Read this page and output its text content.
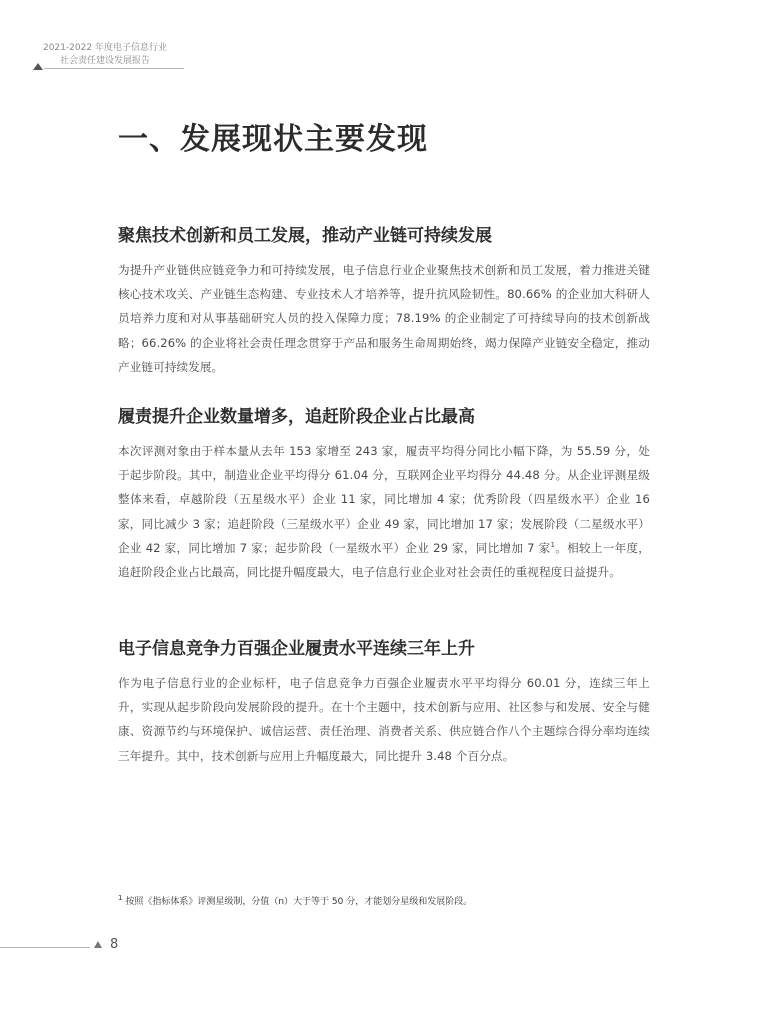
2021-2022 年度电子信息行业
社会责任建设发展报告
一、发展现状主要发现
聚焦技术创新和员工发展，推动产业链可持续发展

为提升产业链供应链竞争力和可持续发展，电子信息行业企业聚焦技术创新和员工发展，着力推进关键核心技术攻关、产业链生态构建、专业技术人才培养等，提升抗风险韧性。80.66% 的企业加大科研人员培养力度和对从事基础研究人员的投入保障力度；78.19% 的企业制定了可持续导向的技术创新战略；66.26% 的企业将社会责任理念贯穿于产品和服务生命周期始终，竭力保障产业链安全稳定，推动产业链可持续发展。

履责提升企业数量增多，追赶阶段企业占比最高

本次评测对象由于样本量从去年 153 家增至 243 家，履责平均得分同比小幅下降，为 55.59 分，处于起步阶段。其中，制造业企业平均得分 61.04 分，互联网企业平均得分 44.48 分。从企业评测星级整体来看，卓越阶段（五星级水平）企业 11 家，同比增加 4 家；优秀阶段（四星级水平）企业 16 家，同比减少 3 家；追赶阶段（三星级水平）企业 49 家，同比增加 17 家；发展阶段（二星级水平）企业 42 家，同比增加 7 家；起步阶段（一星级水平）企业 29 家，同比增加 7 家$^1$。相较上一年度，追赶阶段企业占比最高，同比提升幅度最大，电子信息行业企业对社会责任的重视程度日益提升。

电子信息竞争力百强企业履责水平连续三年上升

作为电子信息行业的企业标杆，电子信息竞争力百强企业履责水平平均得分 60.01 分，连续三年上升，实现从起步阶段向发展阶段的提升。在十个主题中，技术创新与应用、社区参与和发展、安全与健康、资源节约与环境保护、诚信运营、责任治理、消费者关系、供应链合作八个主题综合得分率均连续三年提升。其中，技术创新与应用上升幅度最大，同比提升 3.48 个百分点。

$^1$ 按照《指标体系》评测星级制，分值（n）大于等于 50 分，才能划分星级和发展阶段。
8
